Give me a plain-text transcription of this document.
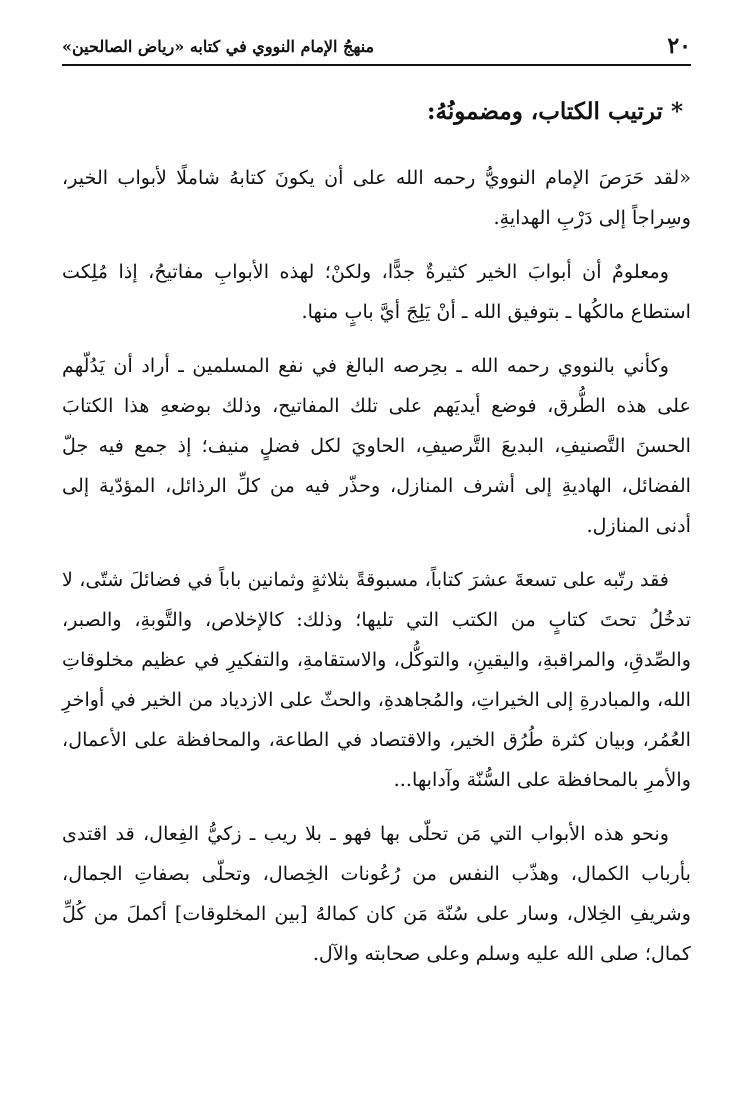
٢٠
منهجُ الإمام النووي في كتابه «رياض الصالحين»
* ترتيب الكتاب، ومضمونُهُ:

«لقد حَرَصَ الإمام النوويُّ رحمه الله على أن يكونَ كتابهُ شاملًا لأبواب الخير، وسِراجاً إلى دَرْبِ الهدايةِ.

ومعلومٌ أن أبوابَ الخير كثيرةٌ جدًّا، ولكنْ؛ لهذه الأبوابِ مفاتيحُ، إذا مُلِكت استطاع مالكُها ـ بتوفيق الله ـ أنْ يَلِجَ أيَّ بابٍ منها.

وكأني بالنووي رحمه الله ـ بحِرصه البالغ في نفع المسلمين ـ أراد أن يَدُلّهم على هذه الطُّرق، فوضع أيديَهم على تلك المفاتيح، وذلك بوضعهِ هذا الكتابَ الحسنَ التَّصنيفِ، البديعَ التَّرصيفِ، الحاويَ لكل فضلٍ منيف؛ إذ جمع فيه جلّ الفضائل، الهاديةِ إلى أشرف المنازل، وحذّر فيه من كلِّ الرذائل، المؤدّية إلى أدنى المنازل.

فقد رتّبه على تسعةَ عشرَ كتاباً، مسبوقةً بثلاثةٍ وثمانين باباً في فضائلَ شتّى، لا تدخُلُ تحتَ كتابٍ من الكتب التي تليها؛ وذلك: كالإخلاص، والتَّوبةِ، والصبر، والصِّدقِ، والمراقبةِ، واليقينِ، والتوكُّل، والاستقامةِ، والتفكيرِ في عظيم مخلوقاتِ الله، والمبادرةِ إلى الخيراتِ، والمُجاهدةِ، والحثّ على الازدياد من الخير في أواخرِ العُمُر، وبيان كثرة طُرُق الخير، والاقتصاد في الطاعة، والمحافظة على الأعمال، والأمرِ بالمحافظة على السُّنّة وآدابها...

ونحو هذه الأبواب التي مَن تحلّى بها فهو ـ بلا ريب ـ زكيُّ الفِعال، قد اقتدى بأرباب الكمال، وهذّب النفس من رُعُونات الخِصال، وتحلّى بصفاتِ الجمال، وشريفِ الخِلال، وسار على سُنّة مَن كان كمالهُ [بين المخلوقات] أكملَ من كُلِّ كمال؛ صلى الله عليه وسلم وعلى صحابته والآل.
